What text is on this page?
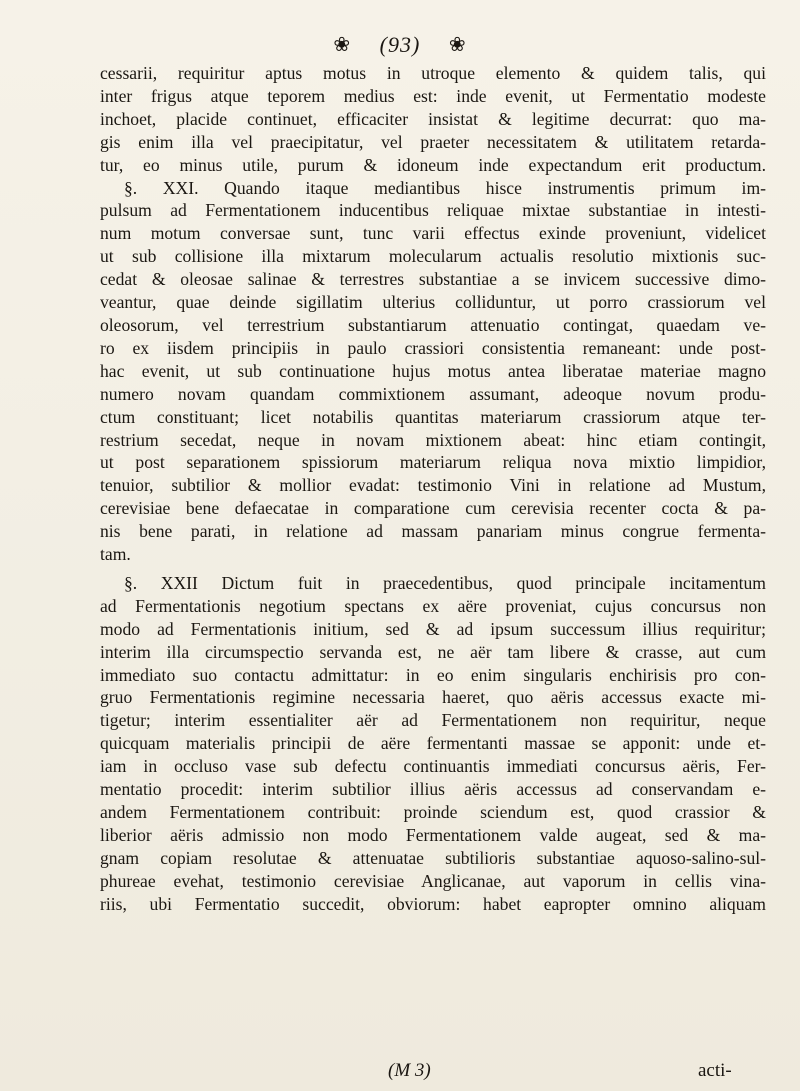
❀ (93) ❀

cessarii, requiritur aptus motus in utroque elemento & quidem talis, qui

inter frigus atque teporem medius est: inde evenit, ut Fermentatio modeste

inchoet, placide continuet, efficaciter insistat & legitime decurrat: quo ma-

gis enim illa vel praecipitatur, vel praeter necessitatem & utilitatem retarda-

tur, eo minus utile, purum & idoneum inde expectandum erit productum.

§. XXI. Quando itaque mediantibus hisce instrumentis primum im-

pulsum ad Fermentationem inducentibus reliquae mixtae substantiae in intesti-

num motum conversae sunt, tunc varii effectus exinde proveniunt, videlicet

ut sub collisione illa mixtarum molecularum actualis resolutio mixtionis suc-

cedat & oleosae salinae & terrestres substantiae a se invicem successive dimo-

veantur, quae deinde sigillatim ulterius colliduntur, ut porro crassiorum vel

oleosorum, vel terrestrium substantiarum attenuatio contingat, quaedam ve-

ro ex iisdem principiis in paulo crassiori consistentia remaneant: unde post-

hac evenit, ut sub continuatione hujus motus antea liberatae materiae magno

numero novam quandam commixtionem assumant, adeoque novum produ-

ctum constituant; licet notabilis quantitas materiarum crassiorum atque ter-

restrium secedat, neque in novam mixtionem abeat: hinc etiam contingit,

ut post separationem spissiorum materiarum reliqua nova mixtio limpidior,

tenuior, subtilior & mollior evadat: testimonio Vini in relatione ad Mustum,

cerevisiae bene defaecatae in comparatione cum cerevisia recenter cocta & pa-

nis bene parati, in relatione ad massam panariam minus congrue fermenta-

tam.

§. XXII Dictum fuit in praecedentibus, quod principale incitamentum

ad Fermentationis negotium spectans ex aëre proveniat, cujus concursus non

modo ad Fermentationis initium, sed & ad ipsum successum illius requiritur;

interim illa circumspectio servanda est, ne aër tam libere & crasse, aut cum

immediato suo contactu admittatur: in eo enim singularis enchirisis pro con-

gruo Fermentationis regimine necessaria haeret, quo aëris accessus exacte mi-

tigetur; interim essentialiter aër ad Fermentationem non requiritur, neque

quicquam materialis principii de aëre fermentanti massae se apponit: unde et-

iam in occluso vase sub defectu continuantis immediati concursus aëris, Fer-

mentatio procedit: interim subtilior illius aëris accessus ad conservandam e-

andem Fermentationem contribuit: proinde sciendum est, quod crassior &

liberior aëris admissio non modo Fermentationem valde augeat, sed & ma-

gnam copiam resolutae & attenuatae subtilioris substantiae aquoso-salino-sul-

phureae evehat, testimonio cerevisiae Anglicanae, aut vaporum in cellis vina-

riis, ubi Fermentatio succedit, obviorum: habet eapropter omnino aliquam

(M 3)	acti-
